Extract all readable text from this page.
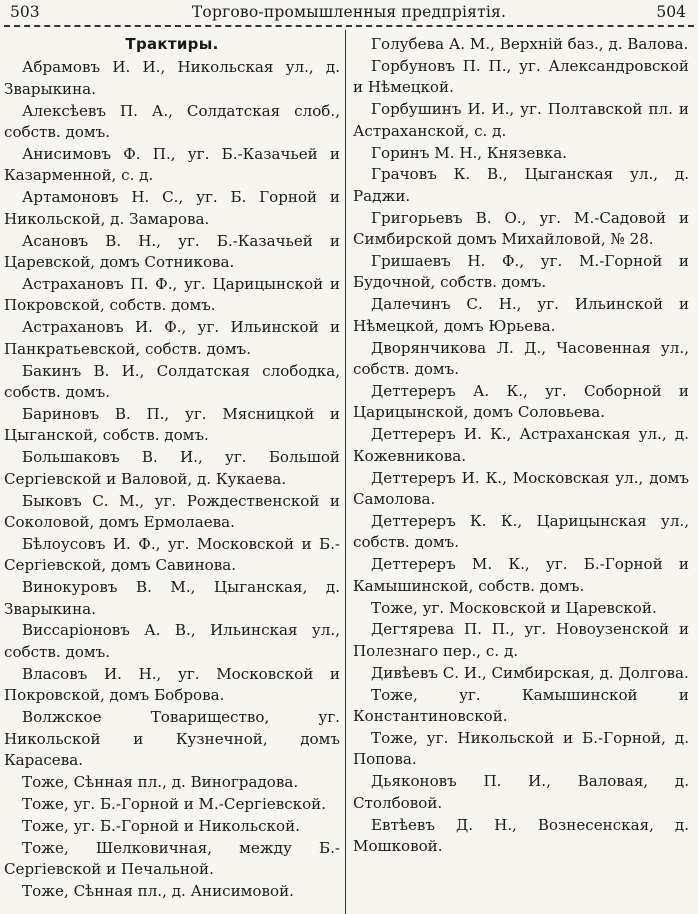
503	Торгово-промышленныя предпріятія.	504
Трактиры.

Абрамовъ И. И., Никольская ул., д. Зварыкина.

Алексѣевъ П. А., Солдатская слоб., собств. домъ.

Анисимовъ Ф. П., уг. Б.-Казачьей и Казарменной, с. д.

Артамоновъ Н. С., уг. Б. Горной и Никольской, д. Замарова.

Асановъ В. Н., уг. Б.-Казачьей и Царевской, домъ Сотникова.

Астрахановъ П. Ф., уг. Царицынской и Покровской, собств. домъ.

Астрахановъ И. Ф., уг. Ильинской и Панкратьевской, собств. домъ.

Бакинъ В. И., Солдатская слободка, собств. домъ.

Бариновъ В. П., уг. Мясницкой и Цыганской, собств. домъ.

Большаковъ В. И., уг. Большой Сергіевской и Валовой, д. Кукаева.

Быковъ С. М., уг. Рождественской и Соколовой, домъ Ермолаева.

Бѣлоусовъ И. Ф., уг. Московской и Б.-Сергіевской, домъ Савинова.

Винокуровъ В. М., Цыганская, д. Зварыкина.

Виссаріоновъ А. В., Ильинская ул., собств. домъ.

Власовъ И. Н., уг. Московской и Покровской, домъ Боброва.

Волжское Товарищество, уг. Никольской и Кузнечной, домъ Карасева.

Тоже, Сѣнная пл., д. Виноградова.

Тоже, уг. Б.-Горной и М.-Сергіевской.

Тоже, уг. Б.-Горной и Никольской.

Тоже, Шелковичная, между Б.-Сергіевской и Печальной.

Тоже, Сѣнная пл., д. Анисимовой.

Голубева А. М., Верхній баз., д. Валова.

Горбуновъ П. П., уг. Александровской и Нѣмецкой.

Горбушинъ И. И., уг. Полтавской пл. и Астраханской, с. д.

Горинъ М. Н., Князевка.

Грачовъ К. В., Цыганская ул., д. Раджи.

Григорьевъ В. О., уг. М.-Садовой и Симбирской домъ Михайловой, № 28.

Гришаевъ Н. Ф., уг. М.-Горной и Будочной, собств. домъ.

Далечинъ С. Н., уг. Ильинской и Нѣмецкой, домъ Юрьева.

Дворянчикова Л. Д., Часовенная ул., собств. домъ.

Деттереръ А. К., уг. Соборной и Царицынской, домъ Соловьева.

Деттереръ И. К., Астраханская ул., д. Кожевникова.

Деттереръ И. К., Московская ул., домъ Самолова.

Деттереръ К. К., Царицынская ул., собств. домъ.

Деттереръ М. К., уг. Б.-Горной и Камышинской, собств. домъ.

Тоже, уг. Московской и Царевской.

Дегтярева П. П., уг. Новоузенской и Полезнаго пер., с. д.

Дивѣевъ С. И., Симбирская, д. Долгова.

Тоже, уг. Камышинской и Константиновской.

Тоже, уг. Никольской и Б.-Горной, д. Попова.

Дьяконовъ П. И., Валовая, д. Столбовой.

Евтѣевъ Д. Н., Вознесенская, д. Мошковой.
